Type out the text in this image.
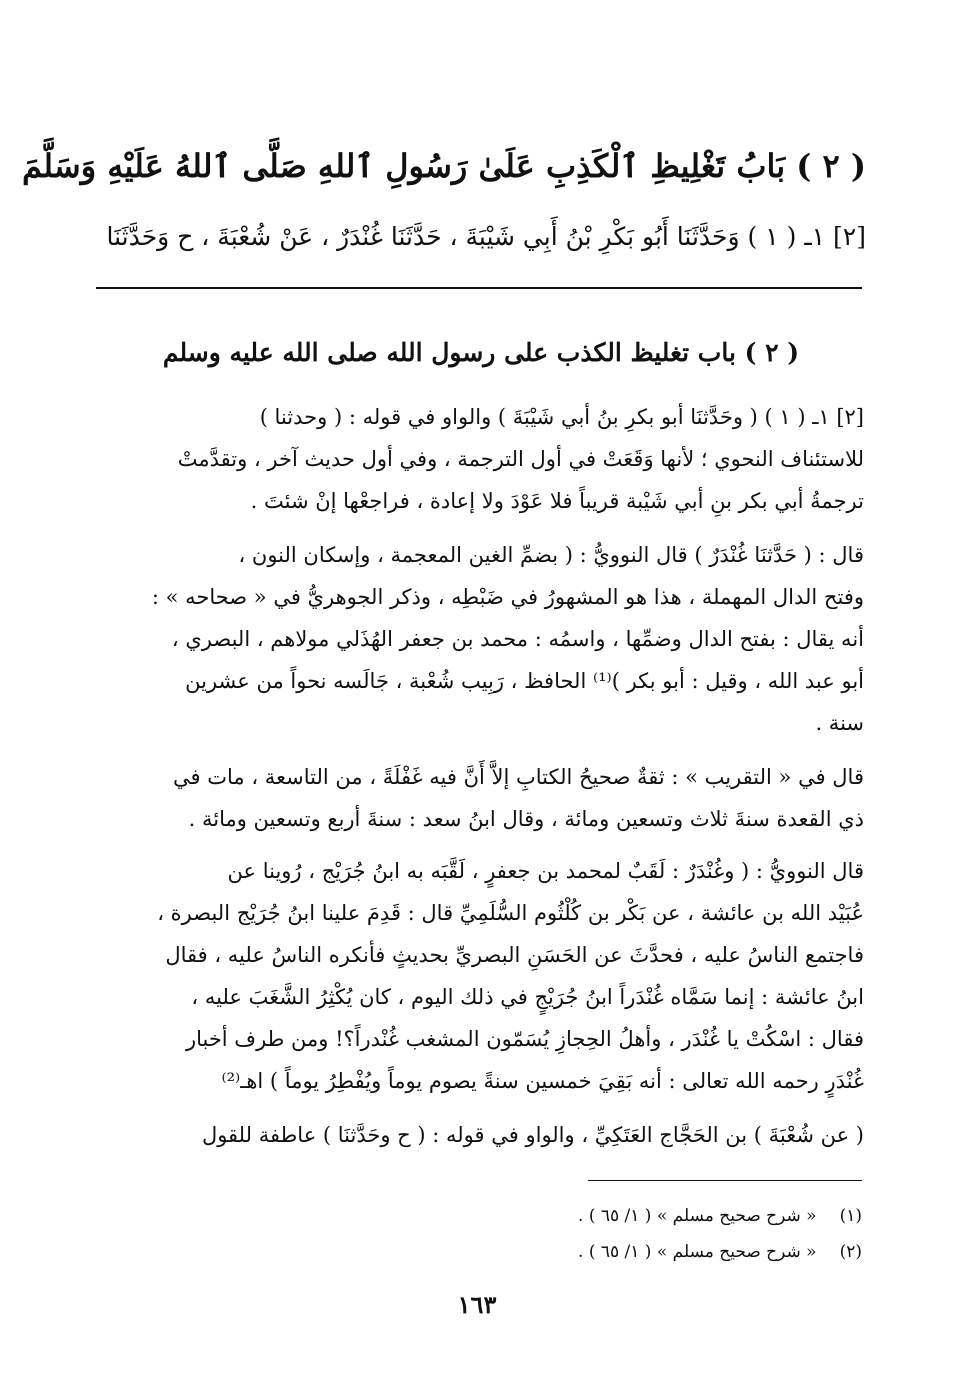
( ٢ ) بَابُ تَغْلِيظِ ٱلْكَذِبِ عَلَىٰ رَسُولِ ٱللهِ صَلَّى ٱللهُ عَلَيْهِ وَسَلَّمَ
[٢] ١ـ ( ١ ) وَحَدَّثَنَا أَبُو بَكْرِ بْنُ أَبِي شَيْبَةَ ، حَدَّثَنَا غُنْدَرٌ ، عَنْ شُعْبَةَ ، ح وَحَدَّثَنَا
( ٢ ) باب تغليظ الكذب على رسول الله صلى الله عليه وسلم
[٢] ١ـ ( ١ ) ( وحَدَّثنَا أبو بكرِ بنُ أبي شَيْبَةَ ) والواو في قوله : ( وحدثنا )
للاستئناف النحوي ؛ لأنها وَقَعَتْ في أول الترجمة ، وفي أول حديث آخر ، وتقدَّمتْ
ترجمةُ أبي بكر بنِ أبي شَيْبة قريباً فلا عَوْدَ ولا إعادة ، فراجعْها إنْ شئتَ .
قال : ( حَدَّثنَا غُنْدَرٌ ) قال النوويُّ : ( بضمِّ الغين المعجمة ، وإسكان النون ،
وفتح الدال المهملة ، هذا هو المشهورُ في ضَبْطِه ، وذكر الجوهريُّ في « صحاحه » :
أنه يقال : بفتح الدال وضمِّها ، واسمُه : محمد بن جعفر الهُذَلي مولاهم ، البصري ،
أبو عبد الله ، وقيل : أبو بكر )⁽¹⁾ الحافظ ، رَبِيب شُعْبة ، جَالَسه نحواً من عشرين
سنة .
قال في « التقريب » : ثقةٌ صحيحُ الكتابِ إلاَّ أَنَّ فيه غَفْلَةً ، من التاسعة ، مات في
ذي القعدة سنةَ ثلاث وتسعين ومائة ، وقال ابنُ سعد : سنةَ أربع وتسعين ومائة .
قال النوويُّ : ( وغُنْدَرٌ : لَقَبٌ لمحمد بن جعفرٍ ، لَقَّبَه به ابنُ جُرَيْج ، رُوينا عن
عُبَيْد الله بن عائشة ، عن بَكْر بن كُلْثُوم السُّلَمِيِّ قال : قَدِمَ علينا ابنُ جُرَيْج البصرة ،
فاجتمع الناسُ عليه ، فحدَّثَ عن الحَسَنِ البصريِّ بحديثٍ فأنكره الناسُ عليه ، فقال
ابنُ عائشة : إنما سَمَّاه غُنْدَراً ابنُ جُرَيْجٍ في ذلك اليوم ، كان يُكْثِرُ الشَّغَبَ عليه ،
فقال : اسْكُتْ يا غُنْدَر ، وأهلُ الحِجازِ يُسَمّون المشغب غُنْدراً؟! ومن طرف أخبار
غُنْدَرٍ رحمه الله تعالى : أنه بَقِيَ خمسين سنةً يصوم يوماً ويُفْطِرُ يوماً ) اهـ⁽²⁾
( عن شُعْبَةَ ) بن الحَجَّاج العَتَكِيِّ ، والواو في قوله : ( ح وحَدَّثنَا ) عاطفة للقول
(١) « شرح صحيح مسلم » ( ١/ ٦٥ ) .
(٢) « شرح صحيح مسلم » ( ١/ ٦٥ ) .
١٦٣
